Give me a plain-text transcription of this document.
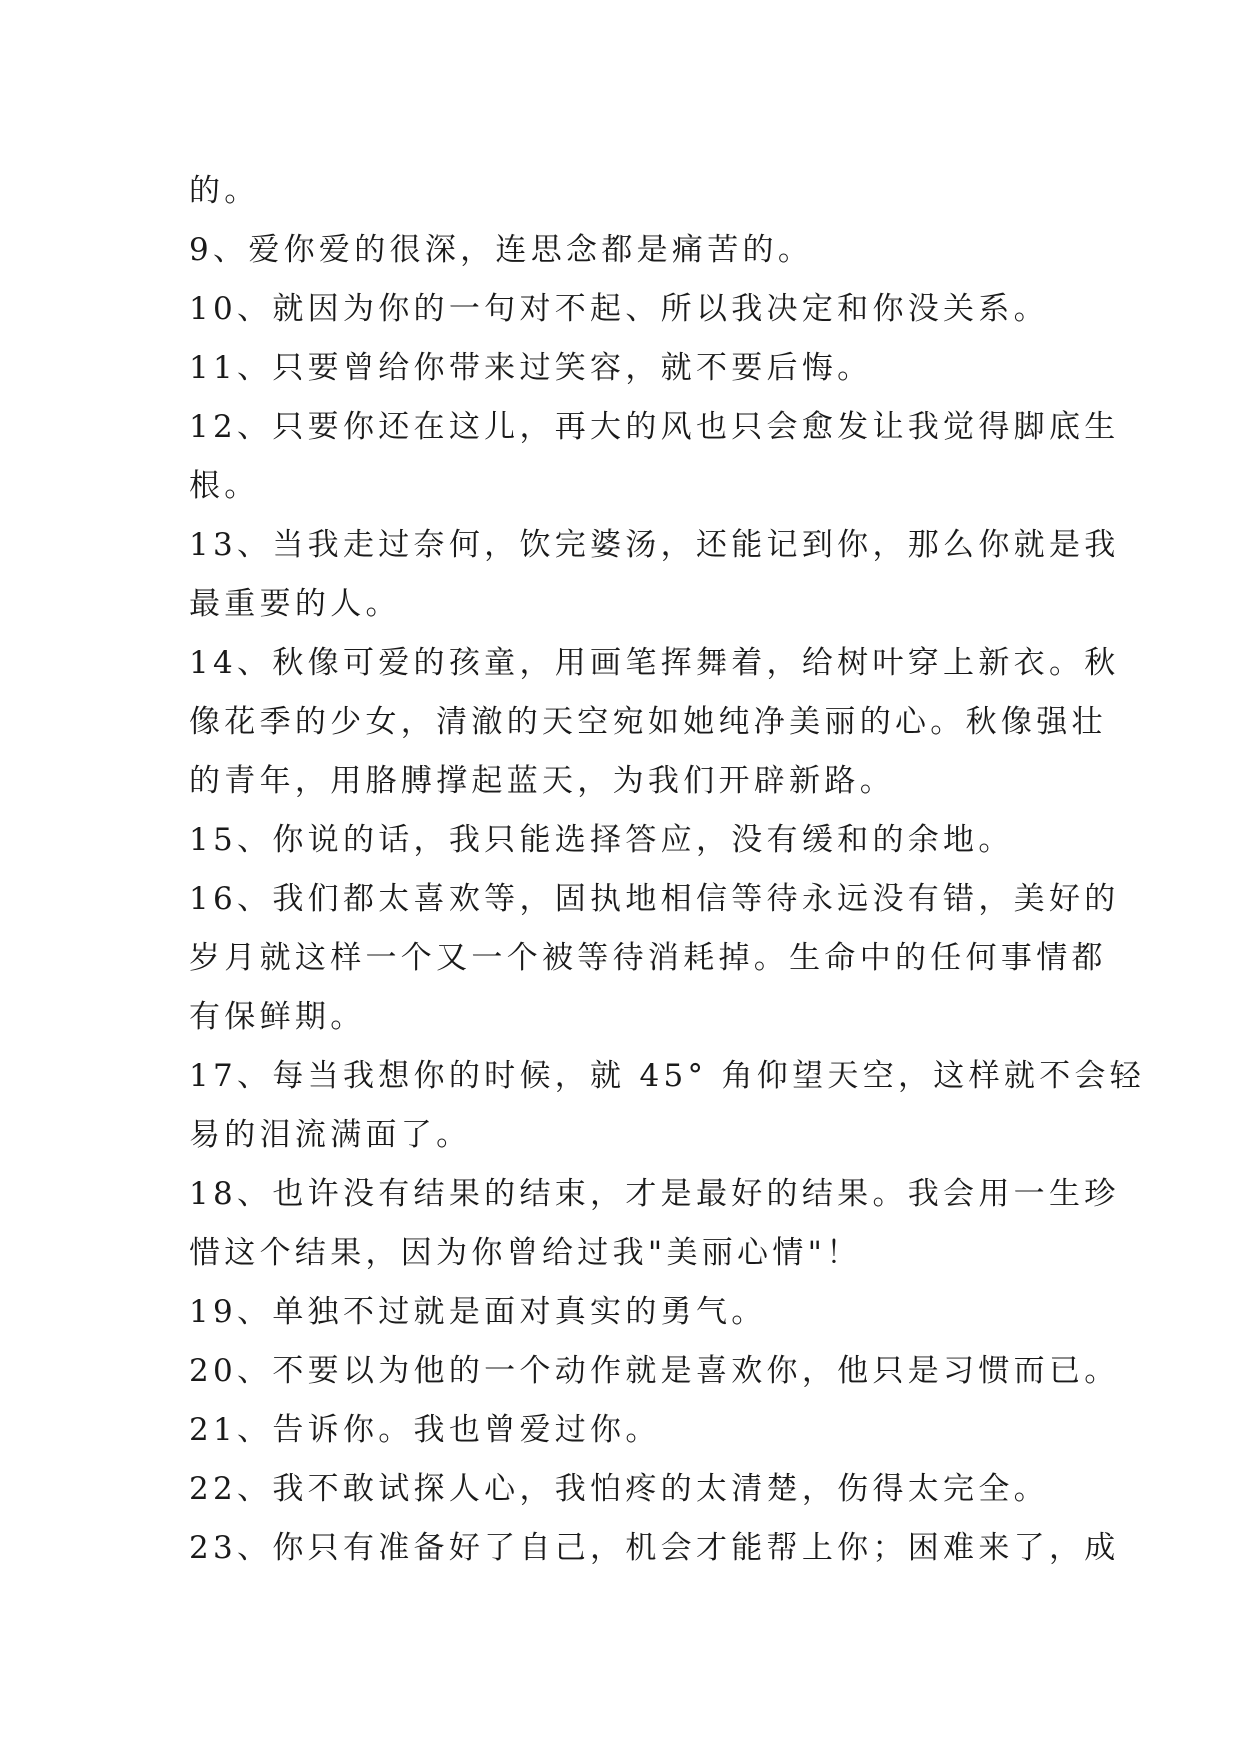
的。
9、爱你爱的很深，连思念都是痛苦的。
10、就因为你的一句对不起、所以我决定和你没关系。
11、只要曾给你带来过笑容，就不要后悔。
12、只要你还在这儿，再大的风也只会愈发让我觉得脚底生
根。
13、当我走过奈何，饮完婆汤，还能记到你，那么你就是我
最重要的人。
14、秋像可爱的孩童，用画笔挥舞着，给树叶穿上新衣。秋
像花季的少女，清澈的天空宛如她纯净美丽的心。秋像强壮
的青年，用胳膊撑起蓝天，为我们开辟新路。
15、你说的话，我只能选择答应，没有缓和的余地。
16、我们都太喜欢等，固执地相信等待永远没有错，美好的
岁月就这样一个又一个被等待消耗掉。生命中的任何事情都
有保鲜期。
17、每当我想你的时候，就 45° 角仰望天空，这样就不会轻
易的泪流满面了。
18、也许没有结果的结束，才是最好的结果。我会用一生珍
惜这个结果，因为你曾给过我"美丽心情"！
19、单独不过就是面对真实的勇气。
20、不要以为他的一个动作就是喜欢你，他只是习惯而已。
21、告诉你。我也曾爱过你。
22、我不敢试探人心，我怕疼的太清楚，伤得太完全。
23、你只有准备好了自己，机会才能帮上你；困难来了，成
